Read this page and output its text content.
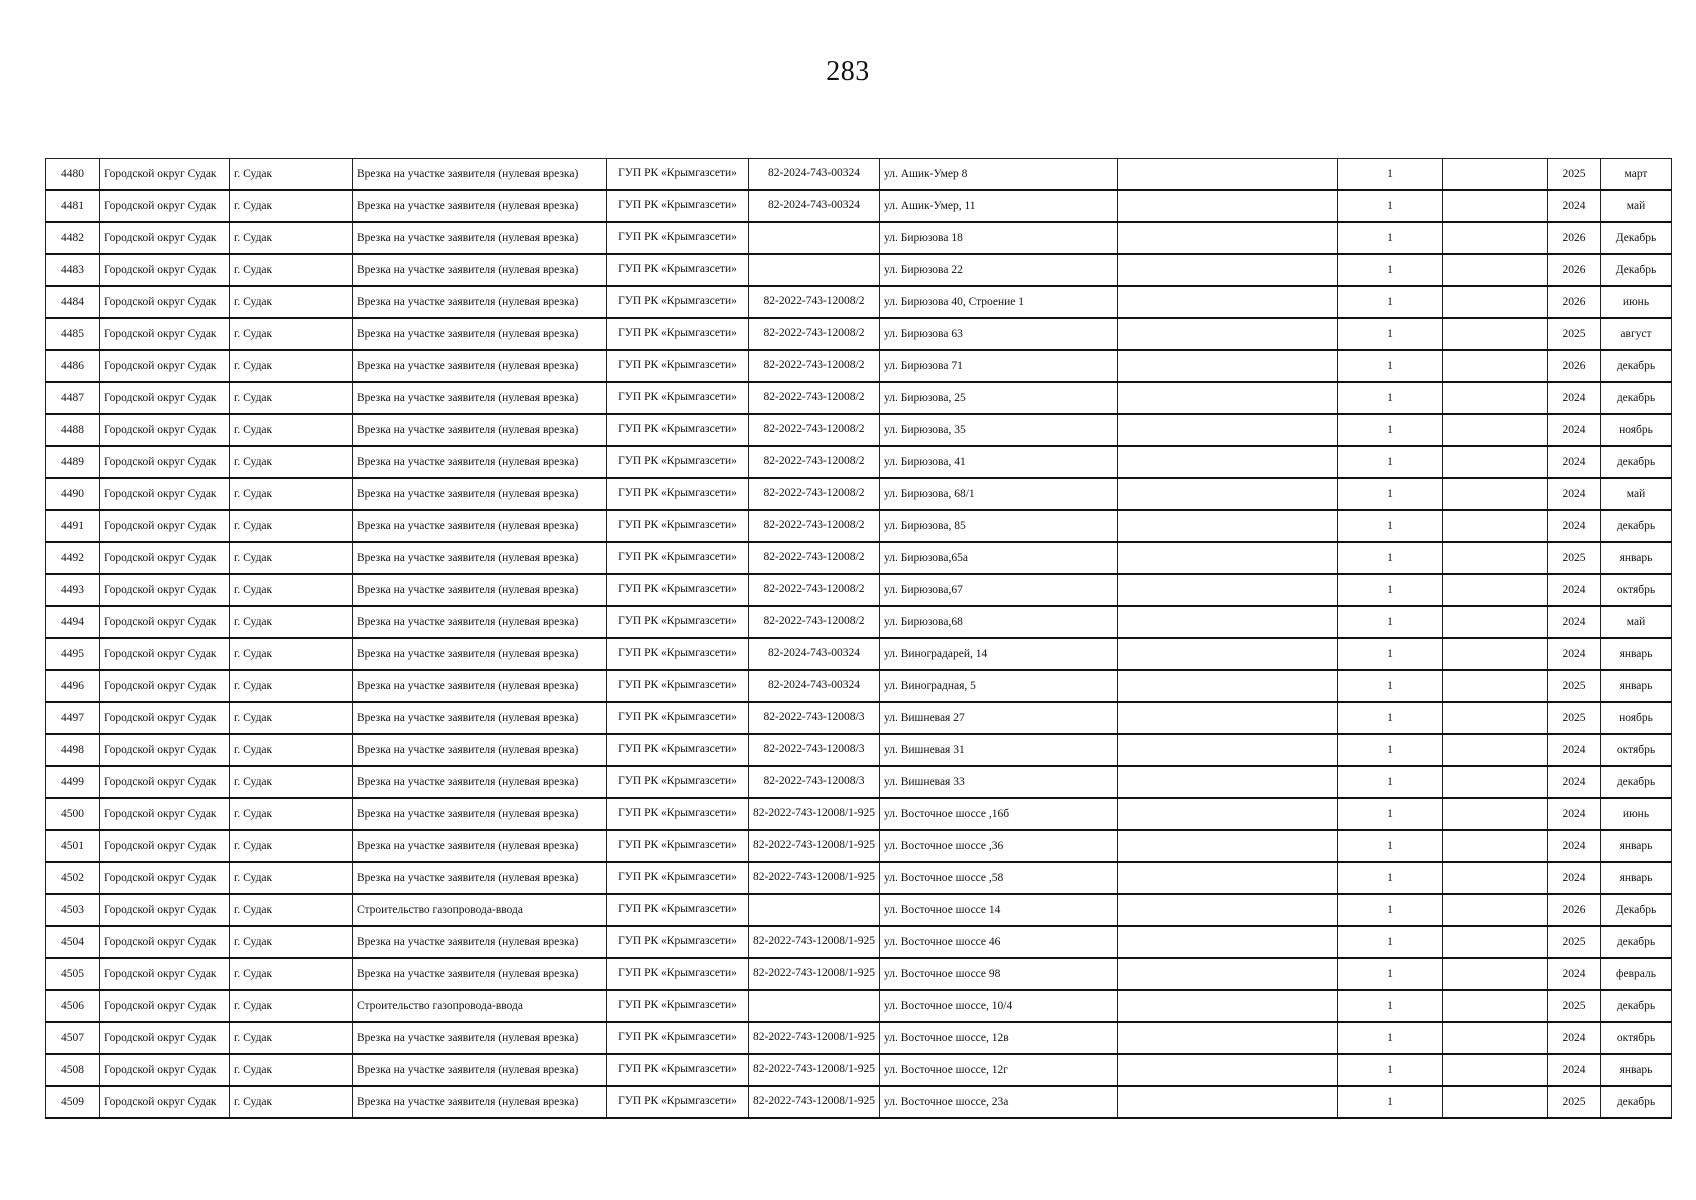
283
4480	Городской округ Судак	г. Судак	Врезка на участке заявителя (нулевая врезка)	ГУП РК «Крымгазсети»	82-2024-743-00324	ул. Ашик-Умер 8		1		2025	март
4481	Городской округ Судак	г. Судак	Врезка на участке заявителя (нулевая врезка)	ГУП РК «Крымгазсети»	82-2024-743-00324	ул. Ашик-Умер, 11		1		2024	май
4482	Городской округ Судак	г. Судак	Врезка на участке заявителя (нулевая врезка)	ГУП РК «Крымгазсети»		ул. Бирюзова 18		1		2026	Декабрь
4483	Городской округ Судак	г. Судак	Врезка на участке заявителя (нулевая врезка)	ГУП РК «Крымгазсети»		ул. Бирюзова 22		1		2026	Декабрь
4484	Городской округ Судак	г. Судак	Врезка на участке заявителя (нулевая врезка)	ГУП РК «Крымгазсети»	82-2022-743-12008/2	ул. Бирюзова 40, Строение 1		1		2026	июнь
4485	Городской округ Судак	г. Судак	Врезка на участке заявителя (нулевая врезка)	ГУП РК «Крымгазсети»	82-2022-743-12008/2	ул. Бирюзова 63		1		2025	август
4486	Городской округ Судак	г. Судак	Врезка на участке заявителя (нулевая врезка)	ГУП РК «Крымгазсети»	82-2022-743-12008/2	ул. Бирюзова 71		1		2026	декабрь
4487	Городской округ Судак	г. Судак	Врезка на участке заявителя (нулевая врезка)	ГУП РК «Крымгазсети»	82-2022-743-12008/2	ул. Бирюзова, 25		1		2024	декабрь
4488	Городской округ Судак	г. Судак	Врезка на участке заявителя (нулевая врезка)	ГУП РК «Крымгазсети»	82-2022-743-12008/2	ул. Бирюзова, 35		1		2024	ноябрь
4489	Городской округ Судак	г. Судак	Врезка на участке заявителя (нулевая врезка)	ГУП РК «Крымгазсети»	82-2022-743-12008/2	ул. Бирюзова, 41		1		2024	декабрь
4490	Городской округ Судак	г. Судак	Врезка на участке заявителя (нулевая врезка)	ГУП РК «Крымгазсети»	82-2022-743-12008/2	ул. Бирюзова, 68/1		1		2024	май
4491	Городской округ Судак	г. Судак	Врезка на участке заявителя (нулевая врезка)	ГУП РК «Крымгазсети»	82-2022-743-12008/2	ул. Бирюзова, 85		1		2024	декабрь
4492	Городской округ Судак	г. Судак	Врезка на участке заявителя (нулевая врезка)	ГУП РК «Крымгазсети»	82-2022-743-12008/2	ул. Бирюзова,65а		1		2025	январь
4493	Городской округ Судак	г. Судак	Врезка на участке заявителя (нулевая врезка)	ГУП РК «Крымгазсети»	82-2022-743-12008/2	ул. Бирюзова,67		1		2024	октябрь
4494	Городской округ Судак	г. Судак	Врезка на участке заявителя (нулевая врезка)	ГУП РК «Крымгазсети»	82-2022-743-12008/2	ул. Бирюзова,68		1		2024	май
4495	Городской округ Судак	г. Судак	Врезка на участке заявителя (нулевая врезка)	ГУП РК «Крымгазсети»	82-2024-743-00324	ул. Виноградарей, 14		1		2024	январь
4496	Городской округ Судак	г. Судак	Врезка на участке заявителя (нулевая врезка)	ГУП РК «Крымгазсети»	82-2024-743-00324	ул. Виноградная, 5		1		2025	январь
4497	Городской округ Судак	г. Судак	Врезка на участке заявителя (нулевая врезка)	ГУП РК «Крымгазсети»	82-2022-743-12008/3	ул. Вишневая 27		1		2025	ноябрь
4498	Городской округ Судак	г. Судак	Врезка на участке заявителя (нулевая врезка)	ГУП РК «Крымгазсети»	82-2022-743-12008/3	ул. Вишневая 31		1		2024	октябрь
4499	Городской округ Судак	г. Судак	Врезка на участке заявителя (нулевая врезка)	ГУП РК «Крымгазсети»	82-2022-743-12008/3	ул. Вишневая 33		1		2024	декабрь
4500	Городской округ Судак	г. Судак	Врезка на участке заявителя (нулевая врезка)	ГУП РК «Крымгазсети»	82-2022-743-12008/1-925	ул. Восточное шоссе ,16б		1		2024	июнь
4501	Городской округ Судак	г. Судак	Врезка на участке заявителя (нулевая врезка)	ГУП РК «Крымгазсети»	82-2022-743-12008/1-925	ул. Восточное шоссе ,36		1		2024	январь
4502	Городской округ Судак	г. Судак	Врезка на участке заявителя (нулевая врезка)	ГУП РК «Крымгазсети»	82-2022-743-12008/1-925	ул. Восточное шоссе ,58		1		2024	январь
4503	Городской округ Судак	г. Судак	Строительство газопровода-ввода	ГУП РК «Крымгазсети»		ул. Восточное шоссе 14		1		2026	Декабрь
4504	Городской округ Судак	г. Судак	Врезка на участке заявителя (нулевая врезка)	ГУП РК «Крымгазсети»	82-2022-743-12008/1-925	ул. Восточное шоссе 46		1		2025	декабрь
4505	Городской округ Судак	г. Судак	Врезка на участке заявителя (нулевая врезка)	ГУП РК «Крымгазсети»	82-2022-743-12008/1-925	ул. Восточное шоссе 98		1		2024	февраль
4506	Городской округ Судак	г. Судак	Строительство газопровода-ввода	ГУП РК «Крымгазсети»		ул. Восточное шоссе, 10/4		1		2025	декабрь
4507	Городской округ Судак	г. Судак	Врезка на участке заявителя (нулевая врезка)	ГУП РК «Крымгазсети»	82-2022-743-12008/1-925	ул. Восточное шоссе, 12в		1		2024	октябрь
4508	Городской округ Судак	г. Судак	Врезка на участке заявителя (нулевая врезка)	ГУП РК «Крымгазсети»	82-2022-743-12008/1-925	ул. Восточное шоссе, 12г		1		2024	январь
4509	Городской округ Судак	г. Судак	Врезка на участке заявителя (нулевая врезка)	ГУП РК «Крымгазсети»	82-2022-743-12008/1-925	ул. Восточное шоссе, 23а		1		2025	декабрь
